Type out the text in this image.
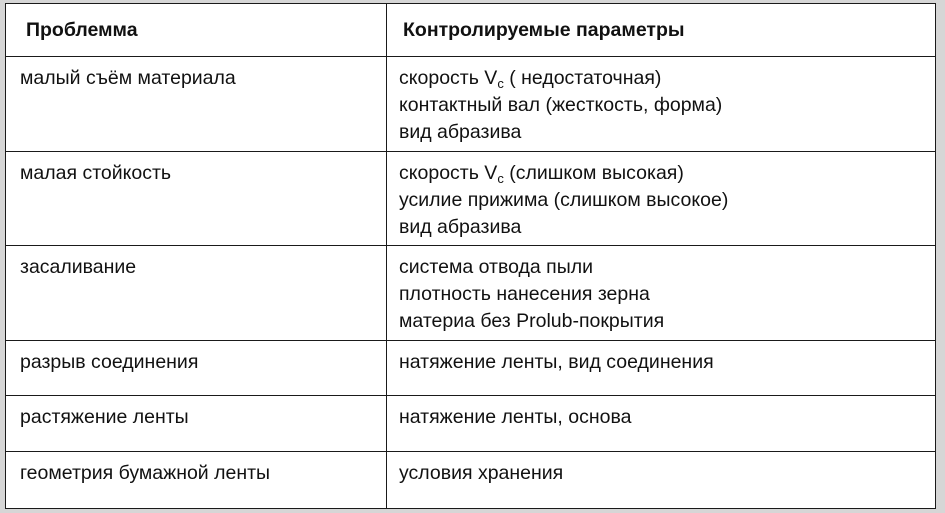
Проблемма	Контролируемые параметры

малый съём материала	скорость $V_c$ ( недостаточная)
контактный вал (жесткость, форма)
вид абразива

малая стойкость	скорость $V_c$ (слишком высокая)
усилие прижима (слишком высокое)
вид абразива

засаливание	система отвода пыли
плотность нанесения зерна
материа без Prolub-покрытия

разрыв соединения	натяжение ленты, вид соединения

растяжение ленты	натяжение ленты, основа

геометрия бумажной ленты	условия хранения
